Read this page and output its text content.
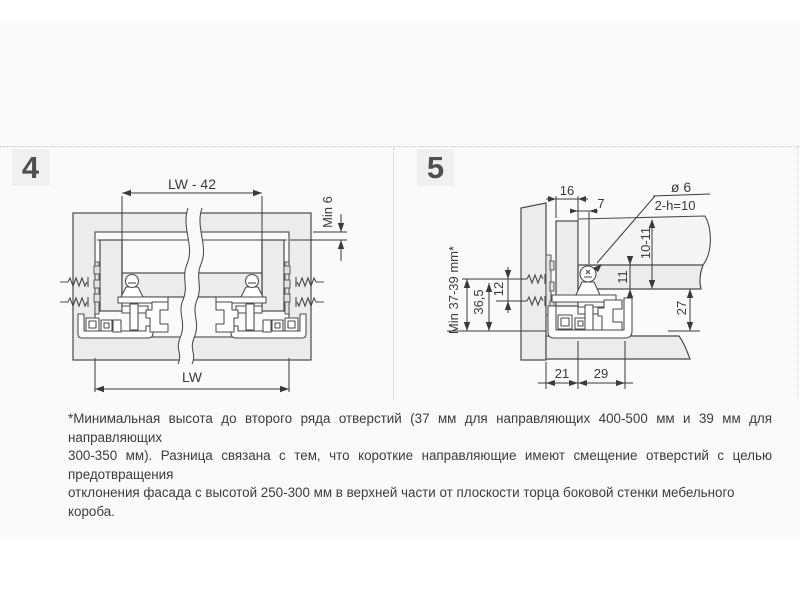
4	5
LW - 42
Min 6
LW
16
7
ø 6
2-h=10
10-11
11
27
Min 37-39 mm* 36,5
12
21 29
*Минимальная высота до второго ряда отверстий (37 мм для направляющих 400-500 мм и 39 мм для направляющих
300-350 мм). Разница связана с тем, что короткие направляющие имеют смещение отверстий с целью предотвращения
отклонения фасада с высотой 250-300 мм в верхней части от плоскости торца боковой стенки мебельного короба.
